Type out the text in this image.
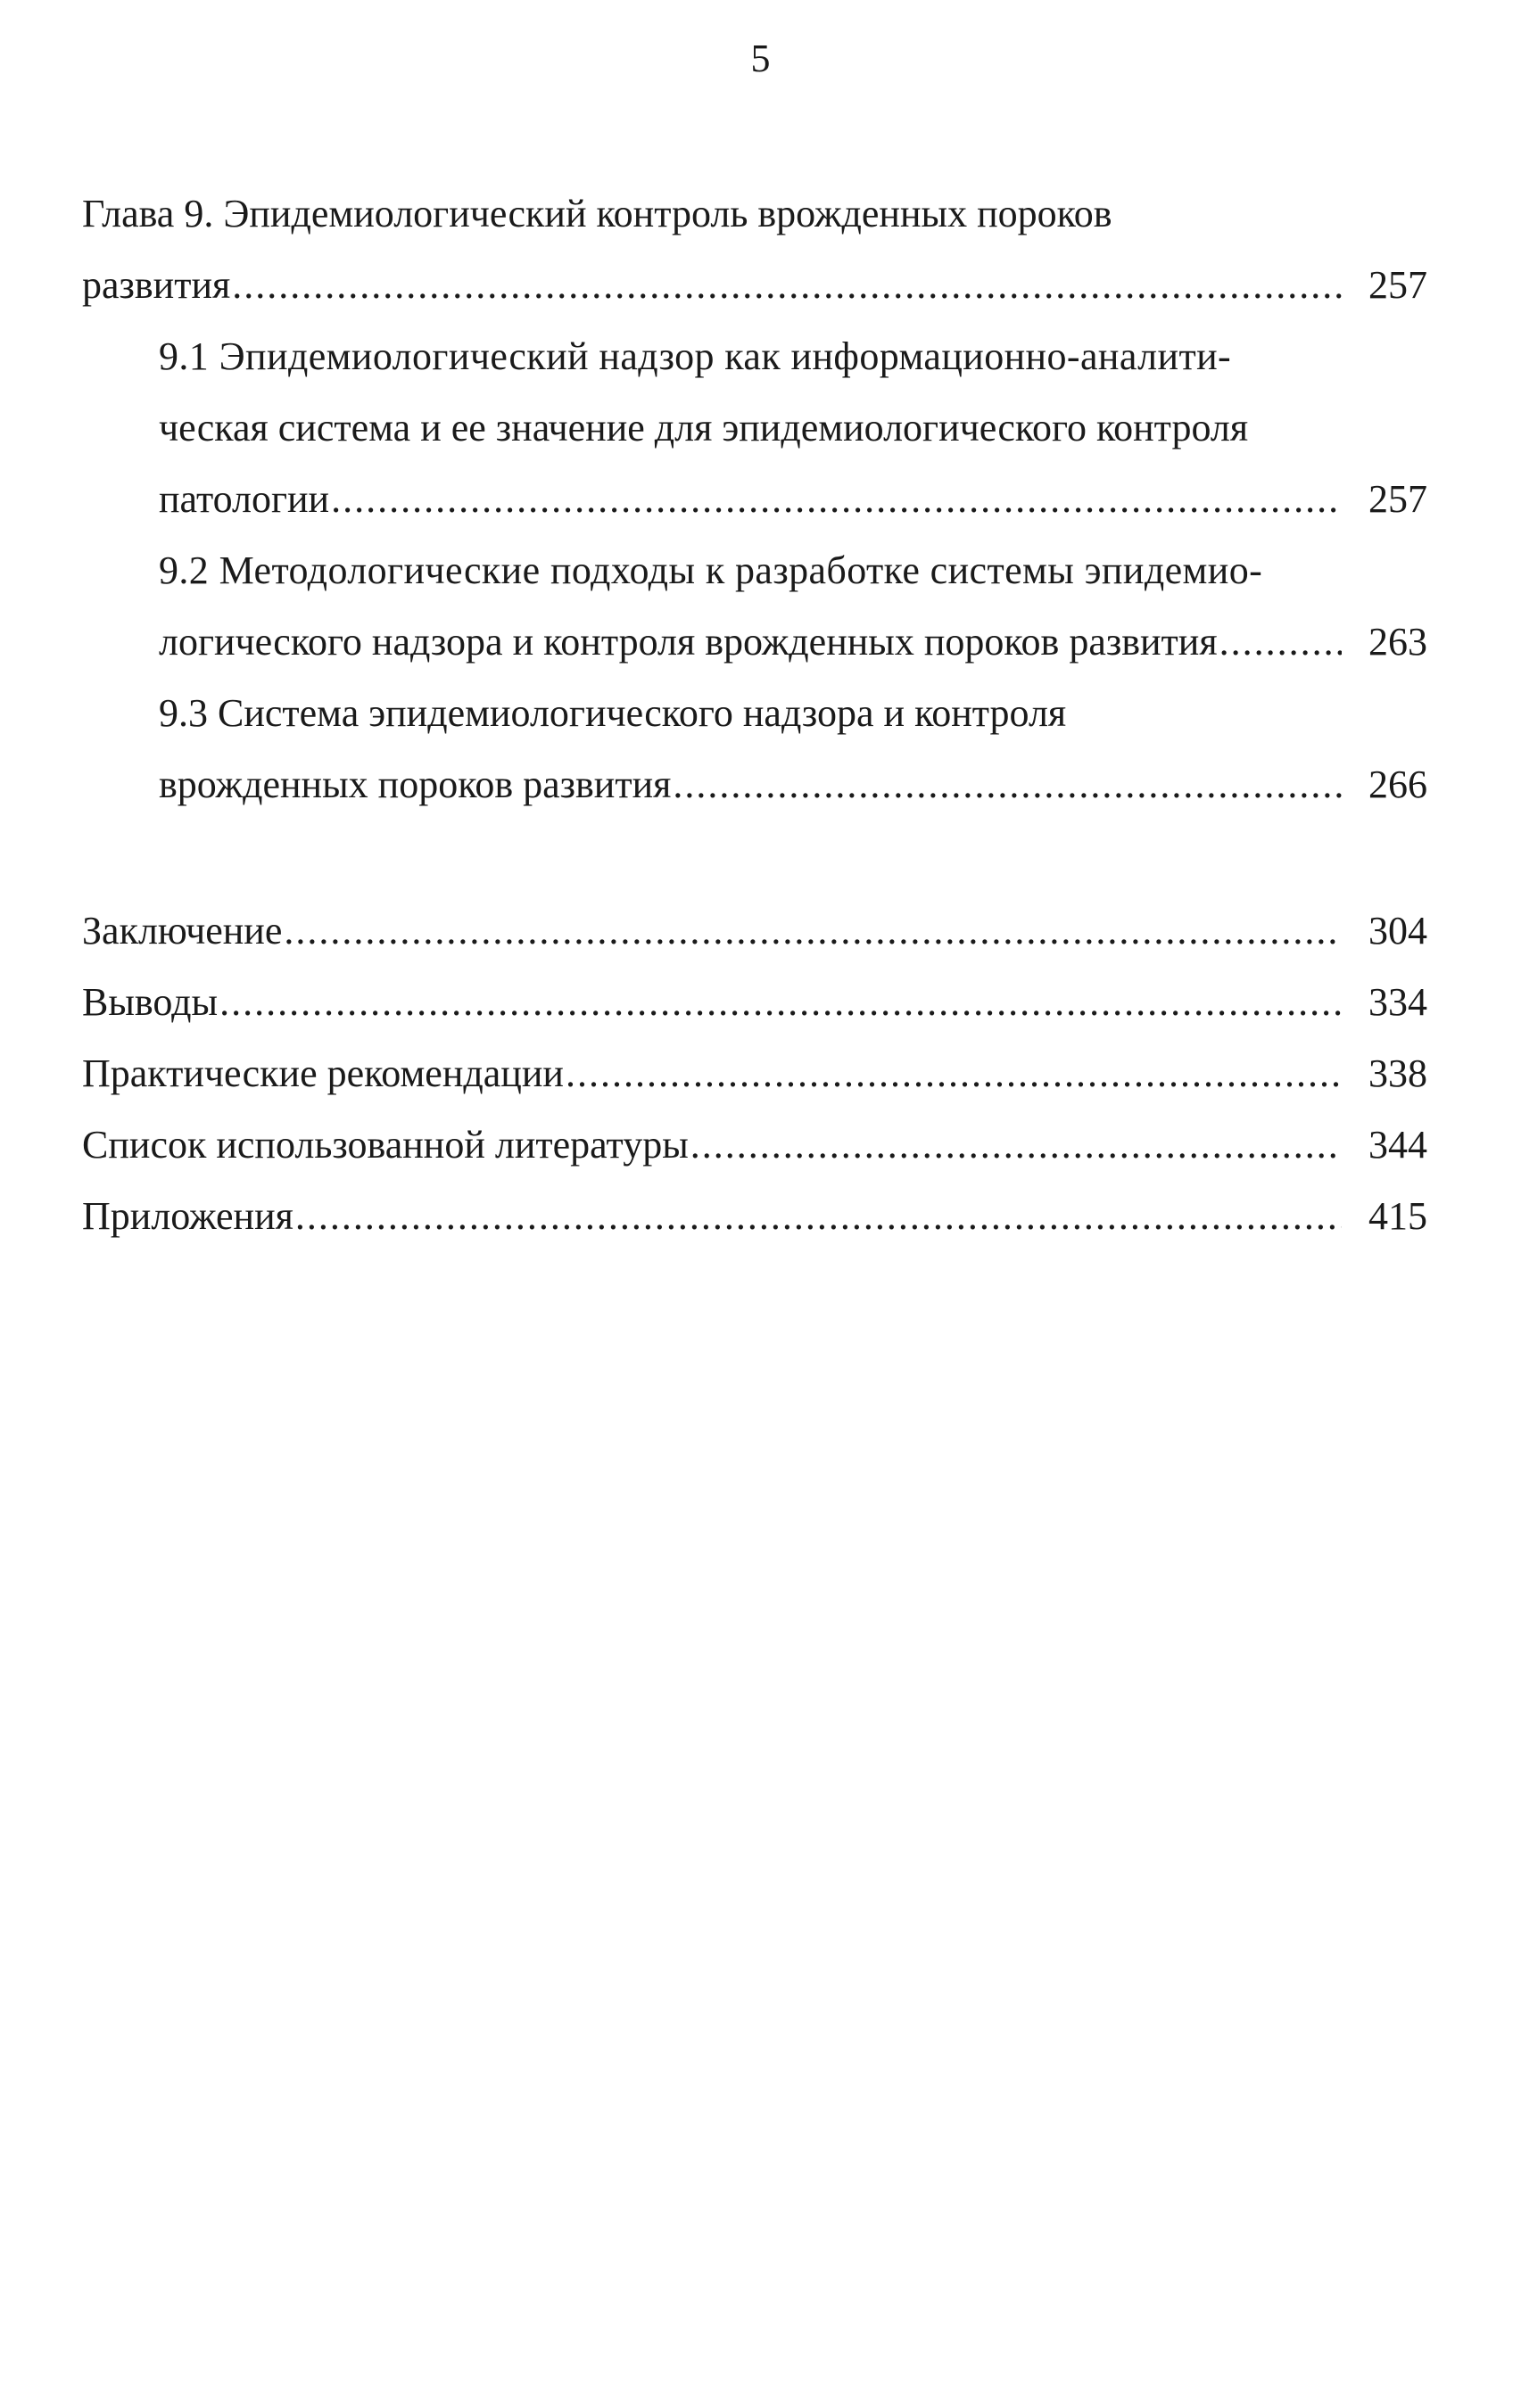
5
Глава 9. Эпидемиологический контроль врожденных пороков
развития .....	257
9.1 Эпидемиологический надзор как информационно-аналити-
ческая система и ее значение для эпидемиологического контроля
патологии .....	257
9.2 Методологические подходы к разработке системы эпидемио-
логического надзора и контроля врожденных пороков развития .....	263
9.3 Система эпидемиологического надзора и контроля
врожденных пороков развития .....	266
Заключение .....	304
Выводы .....	334
Практические рекомендации .....	338
Список использованной литературы .....	344
Приложения .....	415
